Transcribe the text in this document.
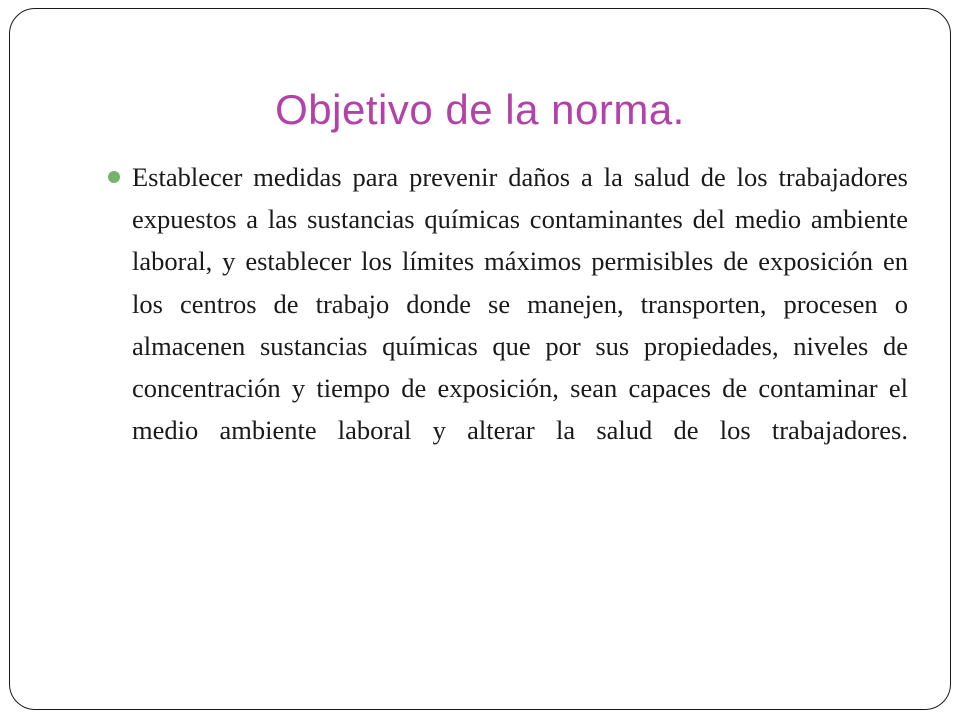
Objetivo de la norma.

Establecer medidas para prevenir daños a la salud de los trabajadores expuestos a las sustancias químicas contaminantes del medio ambiente laboral, y establecer los límites máximos permisibles de exposición en los centros de trabajo donde se manejen, transporten, procesen o almacenen sustancias químicas que por sus propiedades, niveles de concentración y tiempo de exposición, sean capaces de contaminar el medio ambiente laboral y alterar la salud de los trabajadores.
